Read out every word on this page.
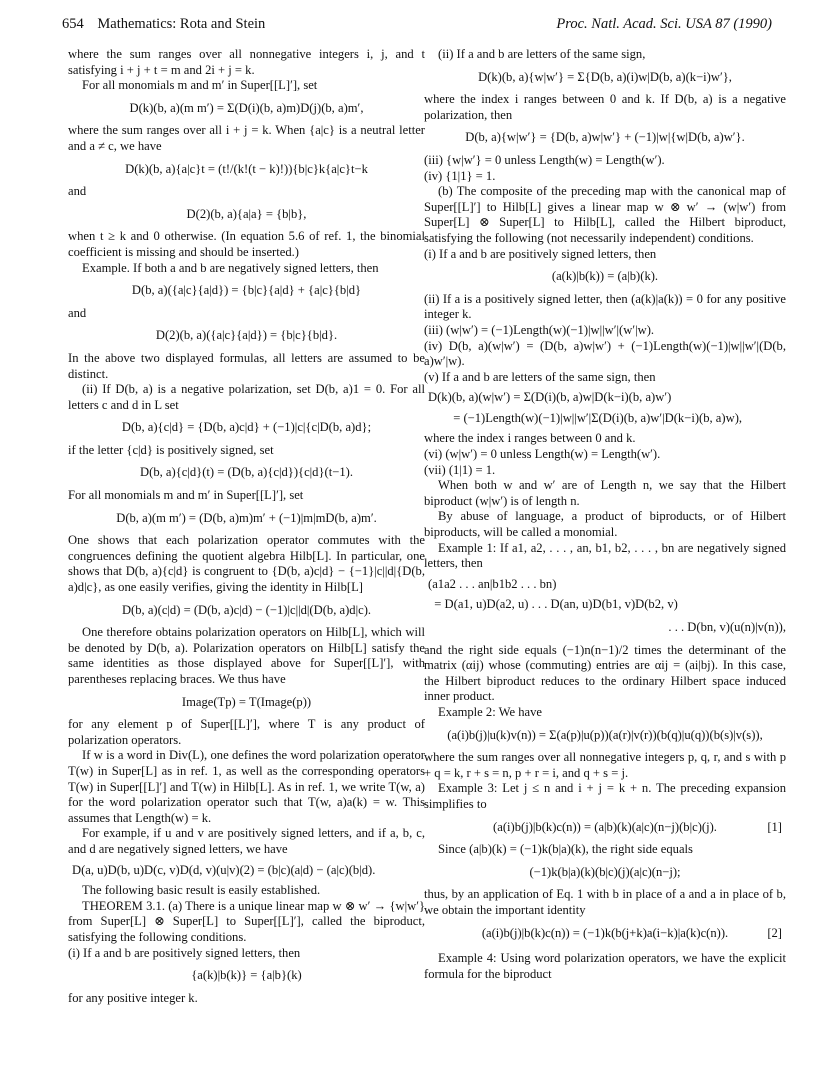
654 Mathematics: Rota and Stein	Proc. Natl. Acad. Sci. USA 87 (1990)
where the sum ranges over all nonnegative integers i, j, and t satisfying i + j + t = m and 2i + j = k.
For all monomials m and m′ in Super[[L]′], set
D(k)(b, a)(m m′) = Σ(D(i)(b, a)m)D(j)(b, a)m′,
where the sum ranges over all i + j = k. When {a|c} is a neutral letter and a ≠ c, we have
D(k)(b, a){a|c}t = (t!/(k!(t − k)!)){b|c}k{a|c}t−k
and
D(2)(b, a){a|a} = {b|b},
when t ≥ k and 0 otherwise. (In equation 5.6 of ref. 1, the binomial coefficient is missing and should be inserted.)
Example. If both a and b are negatively signed letters, then
D(b, a)({a|c}{a|d}) = {b|c}{a|d} + {a|c}{b|d}
and
D(2)(b, a)({a|c}{a|d}) = {b|c}{b|d}.
In the above two displayed formulas, all letters are assumed to be distinct.
(ii) If D(b, a) is a negative polarization, set D(b, a)1 = 0. For all letters c and d in L set
D(b, a){c|d} = {D(b, a)c|d} + (−1)|c|{c|D(b, a)d};
if the letter {c|d} is positively signed, set
D(b, a){c|d}(t) = (D(b, a){c|d}){c|d}(t−1).
For all monomials m and m′ in Super[[L]′], set
D(b, a)(m m′) = (D(b, a)m)m′ + (−1)|m|mD(b, a)m′.
One shows that each polarization operator commutes with the congruences defining the quotient algebra Hilb[L]. In particular, one shows that D(b, a){c|d} is congruent to {D(b, a)c|d} − {−1}|c||d|{D(b, a)d|c}, as one easily verifies, giving the identity in Hilb[L]
D(b, a)(c|d) = (D(b, a)c|d) − (−1)|c||d|(D(b, a)d|c).
One therefore obtains polarization operators on Hilb[L], which will be denoted by D(b, a). Polarization operators on Hilb[L] satisfy the same identities as those displayed above for Super[[L]′], with parentheses replacing braces. We thus have
Image(Tp) = T(Image(p))
for any element p of Super[[L]′], where T is any product of polarization operators.
If w is a word in Div(L), one defines the word polarization operator T(w) in Super[L] as in ref. 1, as well as the corresponding operators T(w) in Super[[L]′] and T(w) in Hilb[L]. As in ref. 1, we write T(w, a) for the word polarization operator such that T(w, a)a(k) = w. This assumes that Length(w) = k.
For example, if u and v are positively signed letters, and if a, b, c, and d are negatively signed letters, we have
D(a, u)D(b, u)D(c, v)D(d, v)(u|v)(2) = (b|c)(a|d) − (a|c)(b|d).
The following basic result is easily established.
THEOREM 3.1. (a) There is a unique linear map w ⊗ w′ → {w|w′} from Super[L] ⊗ Super[L] to Super[[L]′], called the biproduct, satisfying the following conditions.
(i) If a and b are positively signed letters, then
{a(k)|b(k)} = {a|b}(k)
for any positive integer k.
(ii) If a and b are letters of the same sign,
D(k)(b, a){w|w′} = Σ{D(b, a)(i)w|D(b, a)(k−i)w′},
where the index i ranges between 0 and k. If D(b, a) is a negative polarization, then
D(b, a){w|w′} = {D(b, a)w|w′} + (−1)|w|{w|D(b, a)w′}.
(iii) {w|w′} = 0 unless Length(w) = Length(w′).
(iv) {1|1} = 1.
(b) The composite of the preceding map with the canonical map of Super[[L]′] to Hilb[L] gives a linear map w ⊗ w′ → (w|w′) from Super[L] ⊗ Super[L] to Hilb[L], called the Hilbert biproduct, satisfying the following (not necessarily independent) conditions.
(i) If a and b are positively signed letters, then
(a(k)|b(k)) = (a|b)(k).
(ii) If a is a positively signed letter, then (a(k)|a(k)) = 0 for any positive integer k.
(iii) (w|w′) = (−1)Length(w)(−1)|w||w′|(w′|w).
(iv) D(b, a)(w|w′) = (D(b, a)w|w′) + (−1)Length(w)(−1)|w||w′|(D(b, a)w′|w).
(v) If a and b are letters of the same sign, then
D(k)(b, a)(w|w′) = Σ(D(i)(b, a)w|D(k−i)(b, a)w′)
= (−1)Length(w)(−1)|w||w′|Σ(D(i)(b, a)w′|D(k−i)(b, a)w),
where the index i ranges between 0 and k.
(vi) (w|w′) = 0 unless Length(w) = Length(w′).
(vii) (1|1) = 1.
When both w and w′ are of Length n, we say that the Hilbert biproduct (w|w′) is of length n.
By abuse of language, a product of biproducts, or of Hilbert biproducts, will be called a monomial.
Example 1: If a1, a2, . . . , an, b1, b2, . . . , bn are negatively signed letters, then
(a1a2 . . . an|b1b2 . . . bn)
= D(a1, u)D(a2, u) . . . D(an, u)D(b1, v)D(b2, v)
. . . D(bn, v)(u(n)|v(n)),
and the right side equals (−1)n(n−1)/2 times the determinant of the matrix (αij) whose (commuting) entries are αij = (ai|bj). In this case, the Hilbert biproduct reduces to the ordinary Hilbert space induced inner product.
Example 2: We have
(a(i)b(j)|u(k)v(n)) = Σ(a(p)|u(p))(a(r)|v(r))(b(q)|u(q))(b(s)|v(s)),
where the sum ranges over all nonnegative integers p, q, r, and s with p + q = k, r + s = n, p + r = i, and q + s = j.
Example 3: Let j ≤ n and i + j = k + n. The preceding expansion simplifies to
(a(i)b(j)|b(k)c(n)) = (a|b)(k)(a|c)(n−j)(b|c)(j).	[1]
Since (a|b)(k) = (−1)k(b|a)(k), the right side equals
(−1)k(b|a)(k)(b|c)(j)(a|c)(n−j);
thus, by an application of Eq. 1 with b in place of a and a in place of b, we obtain the important identity
(a(i)b(j)|b(k)c(n)) = (−1)k(b(j+k)a(i−k)|a(k)c(n)).	[2]
Example 4: Using word polarization operators, we have the explicit formula for the biproduct
